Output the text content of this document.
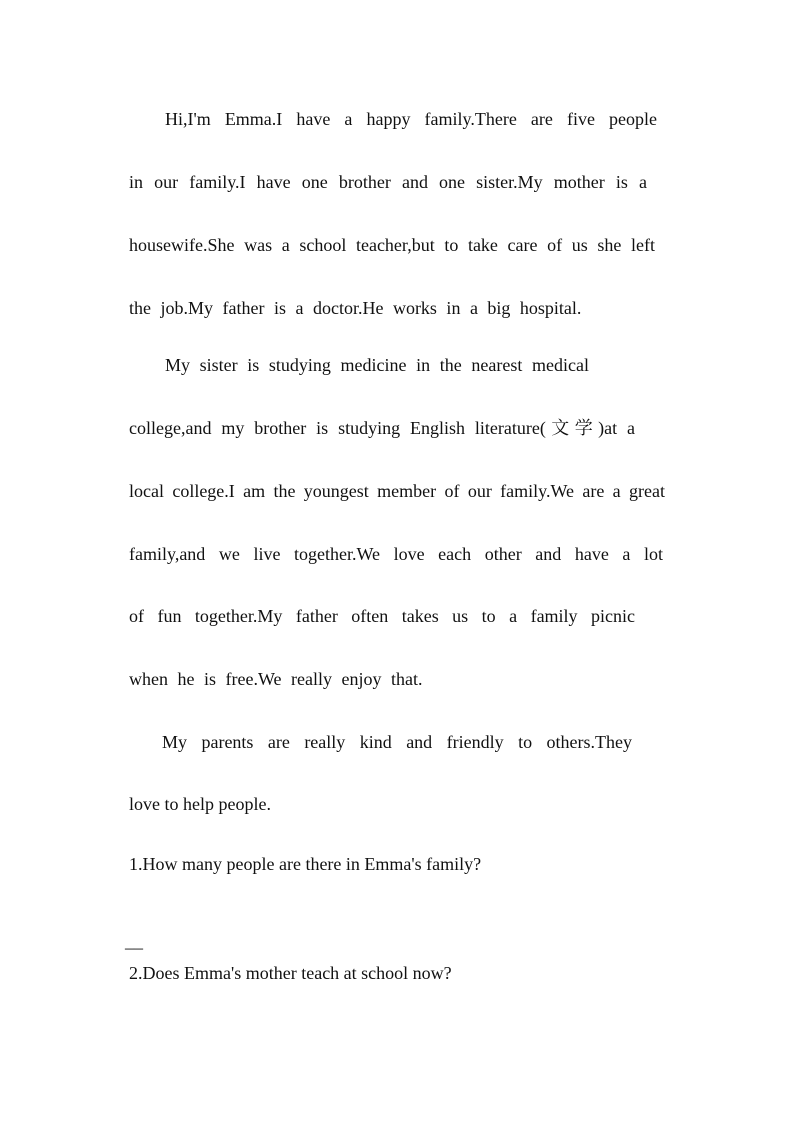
Hi,I'm Emma.I have a happy family.There are five people
in our family.I have one brother and one sister.My mother is a
housewife.She was a school teacher,but to take care of us she left
the job.My father is a doctor.He works in a big hospital.
My sister is studying medicine in the nearest medical
college,and my brother is studying English literature(文学)at a
local college.I am the youngest member of our family.We are a great
family,and we live together.We love each other and have a lot
of fun together.My father often takes us to a family picnic
when he is free.We really enjoy that.
My parents are really kind and friendly to others.They
love to help people.
1.How many people are there in Emma's family?
__
2.Does Emma's mother teach at school now?
